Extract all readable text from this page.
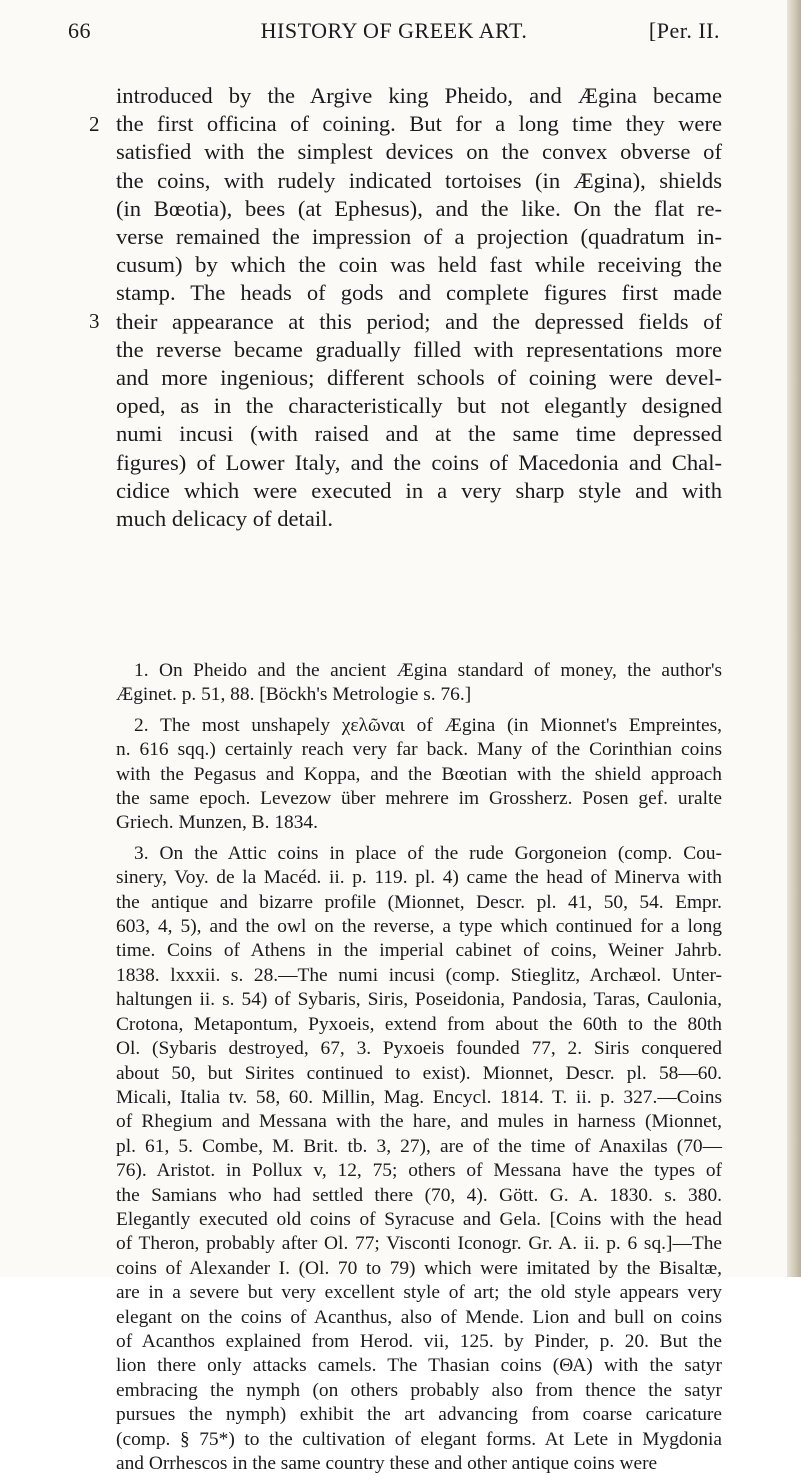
66	HISTORY OF GREEK ART.	[Per. II.
2
3
introduced by the Argive king Pheido, and Ægina became
the first officina of coining. But for a long time they were
satisfied with the simplest devices on the convex obverse of
the coins, with rudely indicated tortoises (in Ægina), shields
(in Bœotia), bees (at Ephesus), and the like. On the flat re-
verse remained the impression of a projection (quadratum in-
cusum) by which the coin was held fast while receiving the
stamp. The heads of gods and complete figures first made
their appearance at this period; and the depressed fields of
the reverse became gradually filled with representations more
and more ingenious; different schools of coining were devel-
oped, as in the characteristically but not elegantly designed
numi incusi (with raised and at the same time depressed
figures) of Lower Italy, and the coins of Macedonia and Chal-
cidice which were executed in a very sharp style and with
much delicacy of detail.
1. On Pheido and the ancient Ægina standard of money, the author's
Æginet. p. 51, 88. [Böckh's Metrologie s. 76.]
2. The most unshapely χελῶναι of Ægina (in Mionnet's Empreintes,
n. 616 sqq.) certainly reach very far back. Many of the Corinthian coins
with the Pegasus and Koppa, and the Bœotian with the shield approach
the same epoch. Levezow über mehrere im Grossherz. Posen gef. uralte
Griech. Munzen, B. 1834.
3. On the Attic coins in place of the rude Gorgoneion (comp. Cou-
sinery, Voy. de la Macéd. ii. p. 119. pl. 4) came the head of Minerva with
the antique and bizarre profile (Mionnet, Descr. pl. 41, 50, 54. Empr.
603, 4, 5), and the owl on the reverse, a type which continued for a long
time. Coins of Athens in the imperial cabinet of coins, Weiner Jahrb.
1838. lxxxii. s. 28.—The numi incusi (comp. Stieglitz, Archæol. Unter-
haltungen ii. s. 54) of Sybaris, Siris, Poseidonia, Pandosia, Taras, Caulonia,
Crotona, Metapontum, Pyxoeis, extend from about the 60th to the 80th
Ol. (Sybaris destroyed, 67, 3. Pyxoeis founded 77, 2. Siris conquered
about 50, but Sirites continued to exist). Mionnet, Descr. pl. 58—60.
Micali, Italia tv. 58, 60. Millin, Mag. Encycl. 1814. T. ii. p. 327.—Coins
of Rhegium and Messana with the hare, and mules in harness (Mionnet,
pl. 61, 5. Combe, M. Brit. tb. 3, 27), are of the time of Anaxilas (70—
76). Aristot. in Pollux v, 12, 75; others of Messana have the types of
the Samians who had settled there (70, 4). Gött. G. A. 1830. s. 380.
Elegantly executed old coins of Syracuse and Gela. [Coins with the head
of Theron, probably after Ol. 77; Visconti Iconogr. Gr. A. ii. p. 6 sq.]—The
coins of Alexander I. (Ol. 70 to 79) which were imitated by the Bisaltæ,
are in a severe but very excellent style of art; the old style appears very
elegant on the coins of Acanthus, also of Mende. Lion and bull on coins
of Acanthos explained from Herod. vii, 125. by Pinder, p. 20. But the
lion there only attacks camels. The Thasian coins (ΘΑ) with the satyr
embracing the nymph (on others probably also from thence the satyr
pursues the nymph) exhibit the art advancing from coarse caricature
(comp. § 75*) to the cultivation of elegant forms. At Lete in Mygdonia
and Orrhescos in the same country these and other antique coins were
